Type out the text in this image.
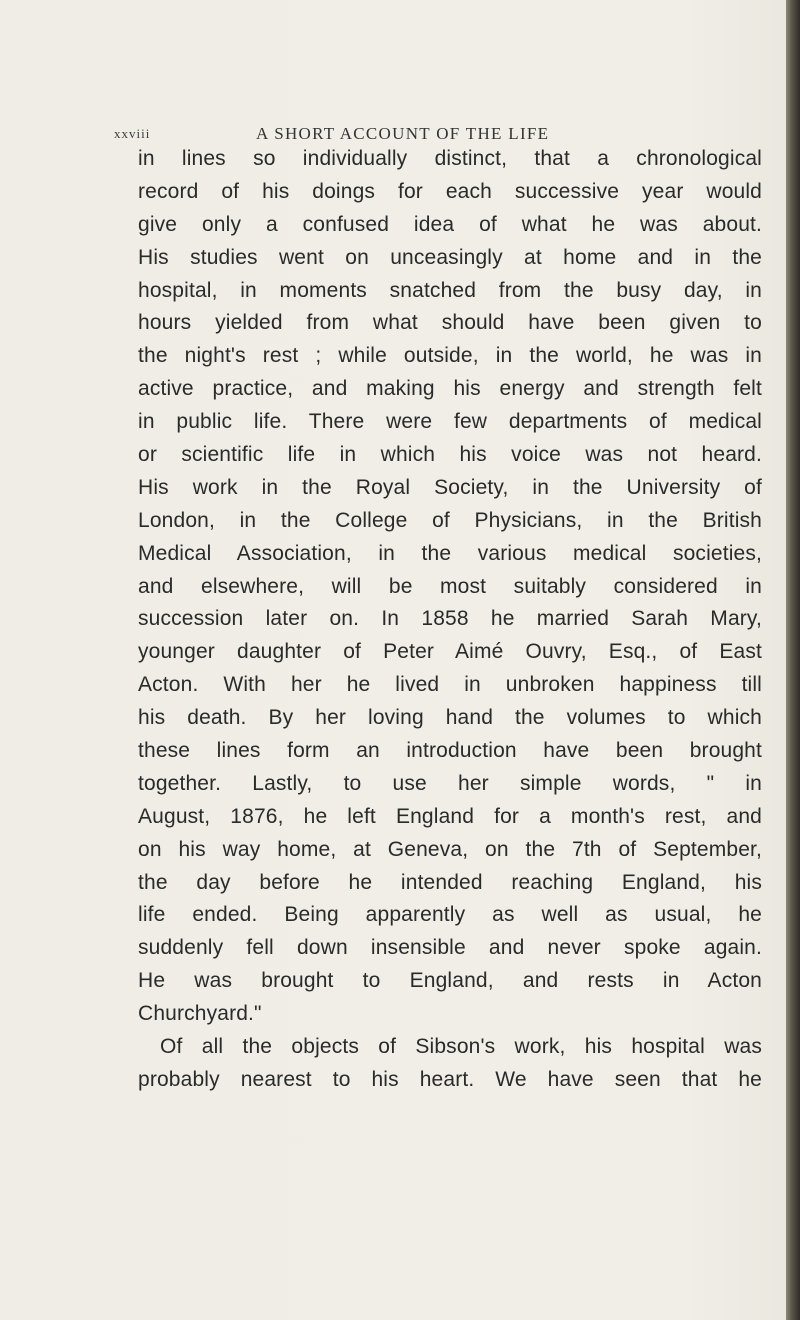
xxviii	A SHORT ACCOUNT OF THE LIFE
in lines so individually distinct, that a chronological
record of his doings for each successive year would
give only a confused idea of what he was about.
His studies went on unceasingly at home and in the
hospital, in moments snatched from the busy day, in
hours yielded from what should have been given to
the night's rest ; while outside, in the world, he was in
active practice, and making his energy and strength felt
in public life. There were few departments of medical
or scientific life in which his voice was not heard.
His work in the Royal Society, in the University of
London, in the College of Physicians, in the British
Medical Association, in the various medical societies,
and elsewhere, will be most suitably considered in
succession later on. In 1858 he married Sarah Mary,
younger daughter of Peter Aimé Ouvry, Esq., of East
Acton. With her he lived in unbroken happiness till
his death. By her loving hand the volumes to which
these lines form an introduction have been brought
together. Lastly, to use her simple words, " in
August, 1876, he left England for a month's rest, and
on his way home, at Geneva, on the 7th of September,
the day before he intended reaching England, his
life ended. Being apparently as well as usual, he
suddenly fell down insensible and never spoke again.
He was brought to England, and rests in Acton
Churchyard."
Of all the objects of Sibson's work, his hospital was
probably nearest to his heart. We have seen that he
